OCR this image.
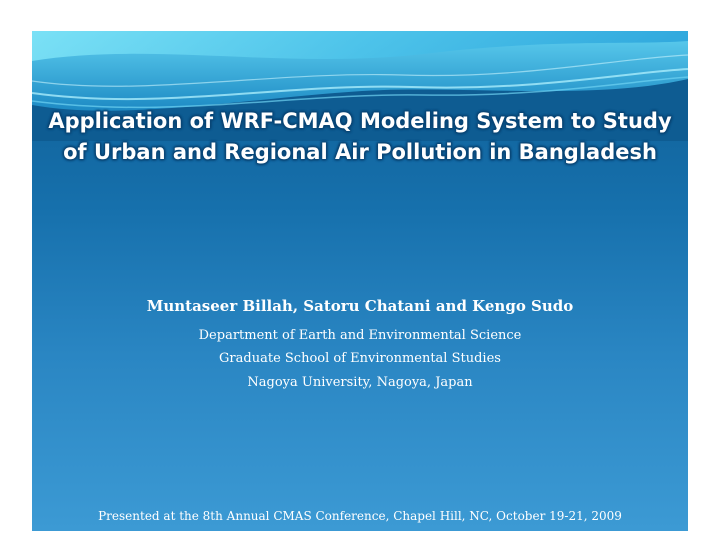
Application of WRF-CMAQ Modeling System to Study
of Urban and Regional Air Pollution in Bangladesh
Muntaseer Billah, Satoru Chatani and Kengo Sudo
Department of Earth and Environmental Science
Graduate School of Environmental Studies
Nagoya University, Nagoya, Japan
Presented at the 8th Annual CMAS Conference, Chapel Hill, NC, October 19-21, 2009
